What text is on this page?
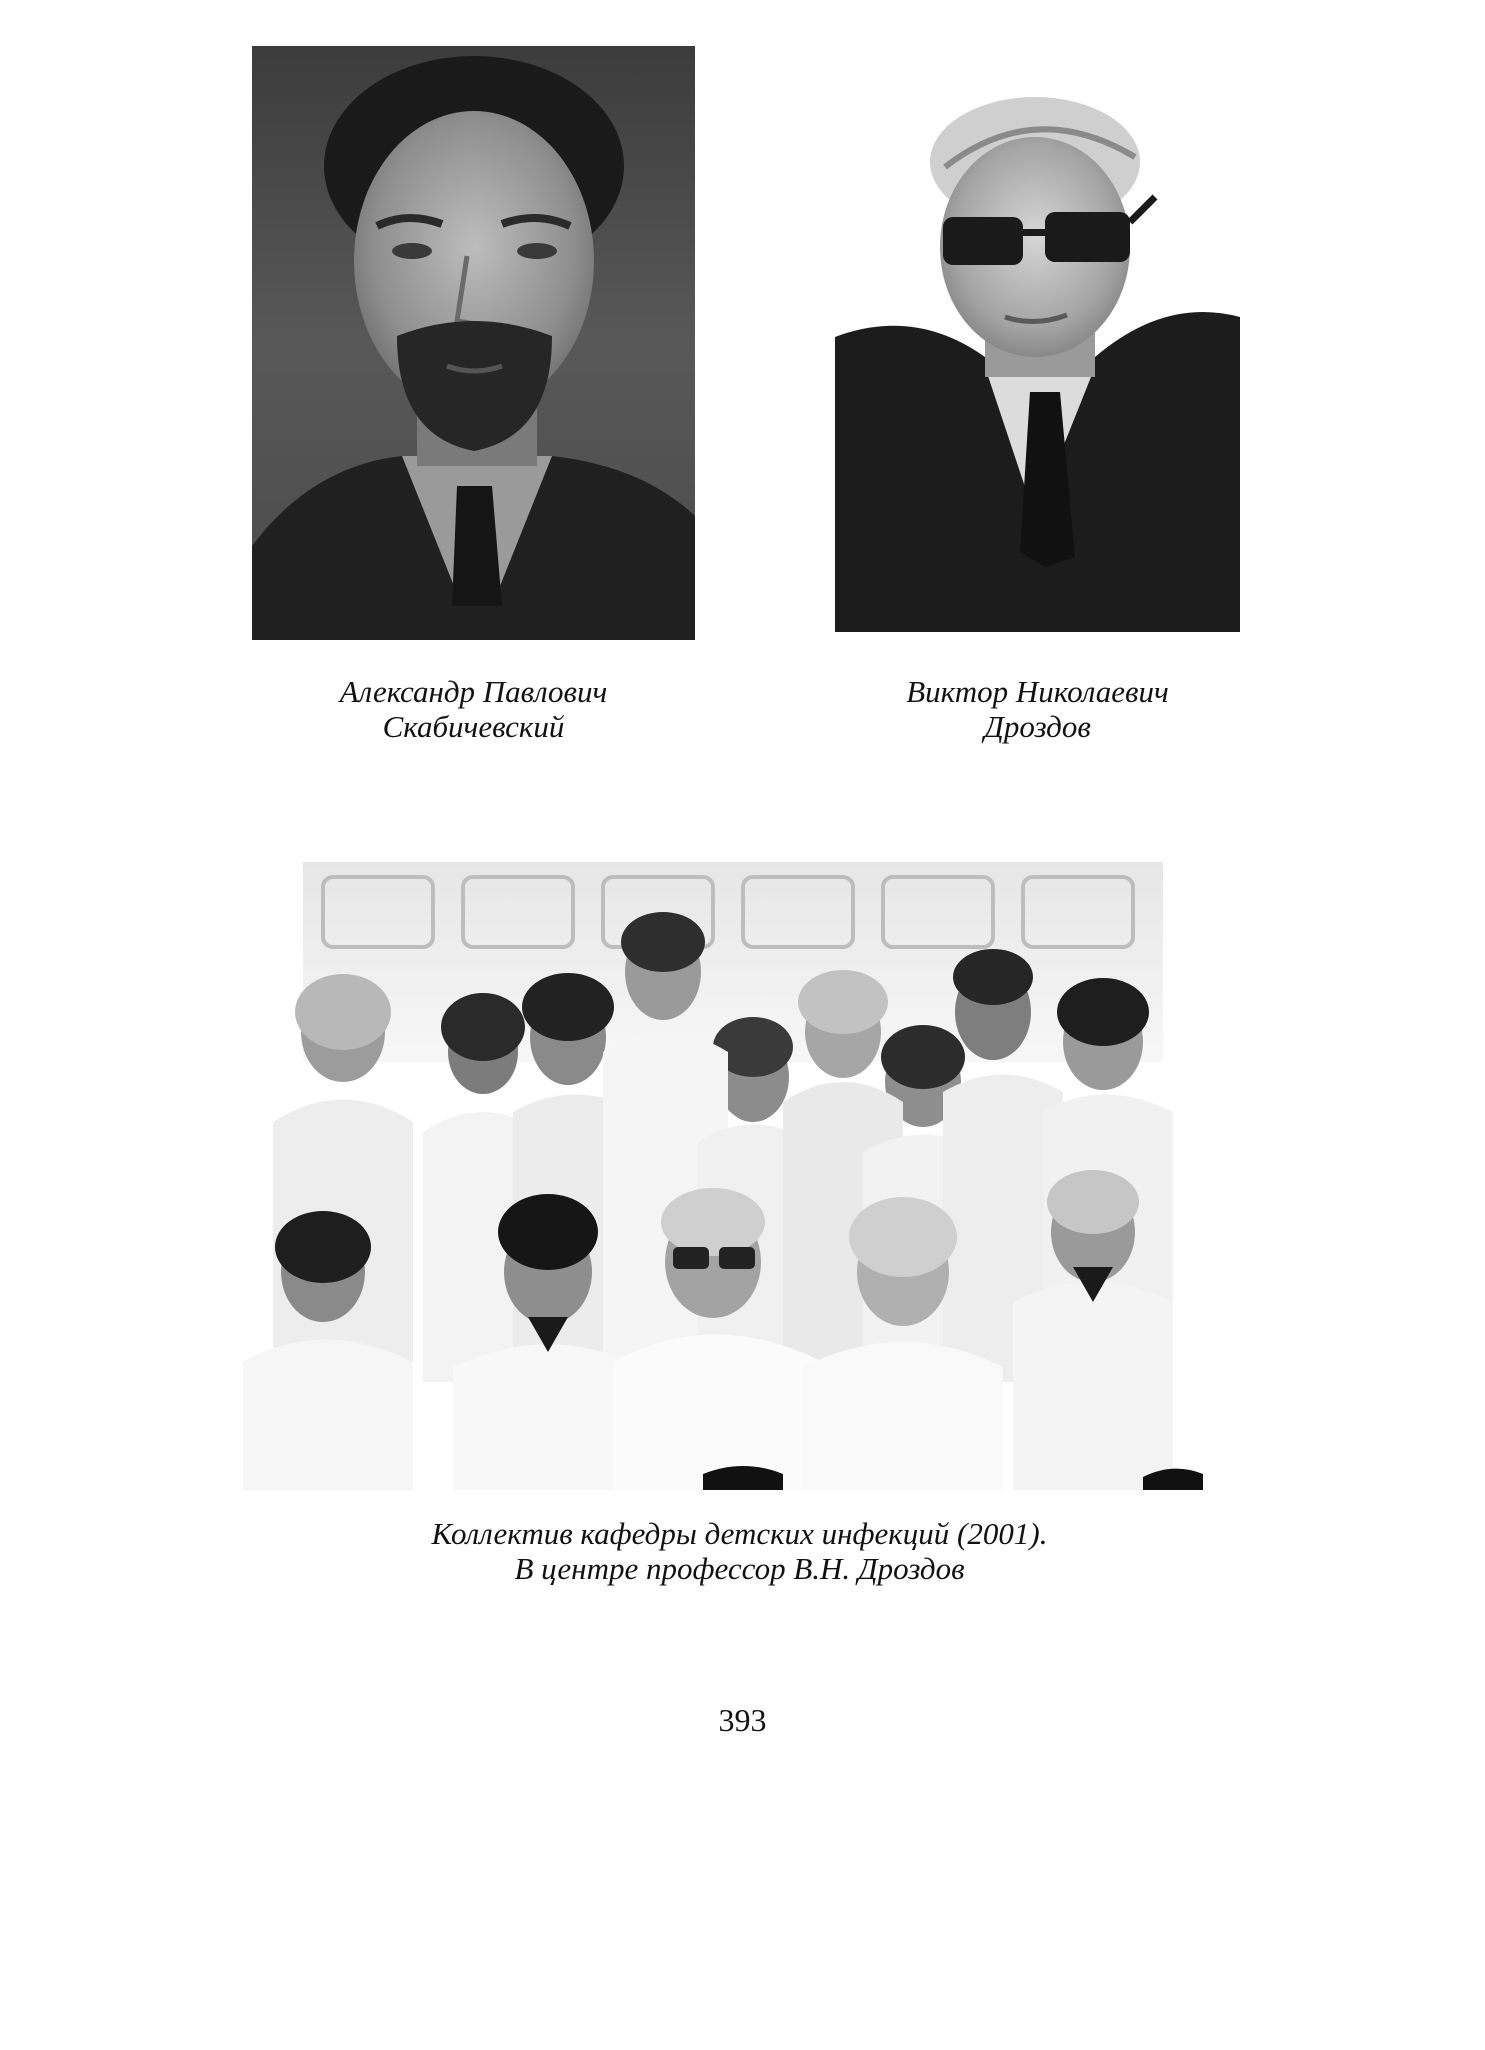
Александр Павлович
Скабичевский
Виктор Николаевич
Дроздов
Коллектив кафедры детских инфекций (2001).
В центре профессор В.Н. Дроздов
393
